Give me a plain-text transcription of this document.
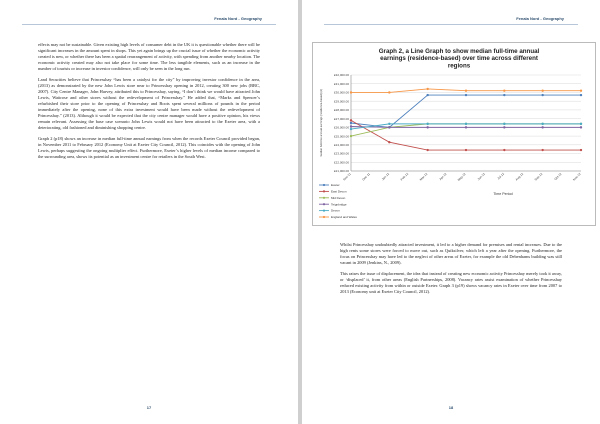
Fenala Nord - Geography

effects may not be sustainable. Given existing high levels of consumer debt in the UK it is questionable whether there will be significant increases in the amount spent in shops. This yet again brings up the crucial issue of whether the economic activity created is new, or whether there has been a spatial rearrangement of activity, with spending from another nearby location. The economic activity created may also not take place for some time. The less tangible elements, such as an increase in the number of tourists or increase in investor confidence, will only be seen in the long run.

Land Securities believe that Princesshay “has been a catalyst for the city” by improving investor confidence in the area, (2013) as demonstrated by the new John Lewis store near to Princesshay opening in 2012, creating 300 new jobs (BBC, 2007). City Centre Manager, John Harvey, attributed this to Princesshay, saying, “I don’t think we would have attracted John Lewis, Waitrose and other stores without the redevelopment of Princesshay.” He added that, “Marks and Spencer’s refurbished their store prior to the opening of Princesshay and Boots spent several millions of pounds in the period immediately after the opening, none of this extra investment would have been made without the redevelopment of Princesshay.” (2013). Although it would be expected that the city centre manager would have a positive opinion, his views remain relevant. Assessing the base case scenario John Lewis would not have been attracted to the Exeter area, with a deteriorating, old fashioned and diminishing shopping centre.

Graph 2 (p18) shows an increase in median full-time annual earnings from when the records Exeter Council provided began, in November 2011 to February 2012 (Economy Unit at Exeter City Council, 2012). This coincides with the opening of John Lewis, perhaps suggesting the ongoing multiplier effect. Furthermore, Exeter’s higher levels of median income compared to the surrounding area, shows its potential as an investment centre for retailers in the South West.

17
Fenala Nord - Geography
Graph 2, a Line Graph to show median full-time annual earnings (residence-based) over time across different regions
£21,000.00
£22,000.00
£23,000.00
£24,000.00
£25,000.00
£26,000.00
£27,000.00
£28,000.00
£29,000.00
£30,000.00
£31,000.00
£32,000.00
Nov-11	Dec-11	Jan-12	Feb-12	Mar-12	Apr-12	May-12	Jun-12	Jul-12	Aug-12	Sep-12	Oct-12	Nov-12
median full-time annual earnings (residence-based) (£)
Time Period
Exeter
East Devon
Mid Devon
Teignbridge
Devon
England and Wales

Whilst Princesshay undoubtedly attracted investment, it led to a higher demand for premises and rental increases. Due to the high rents some stores were forced to move out, such as Quiksilver, which left a year after the opening. Furthermore, the focus on Princesshay may have led to the neglect of other areas of Exeter, for example the old Debenhams building was still vacant in 2009 (Jenkins, N., 2009).

This raises the issue of displacement, the idea that instead of creating new economic activity Princesshay merely took it away, or ‘displaced’ it, from other areas (English Partnerships, 2008). Vacancy rates assist examination of whether Princesshay reduced existing activity from within or outside Exeter. Graph 3 (p19) shows vacancy rates in Exeter over time from 2007 to 2013 (Economy unit at Exeter City Council, 2012).

18
